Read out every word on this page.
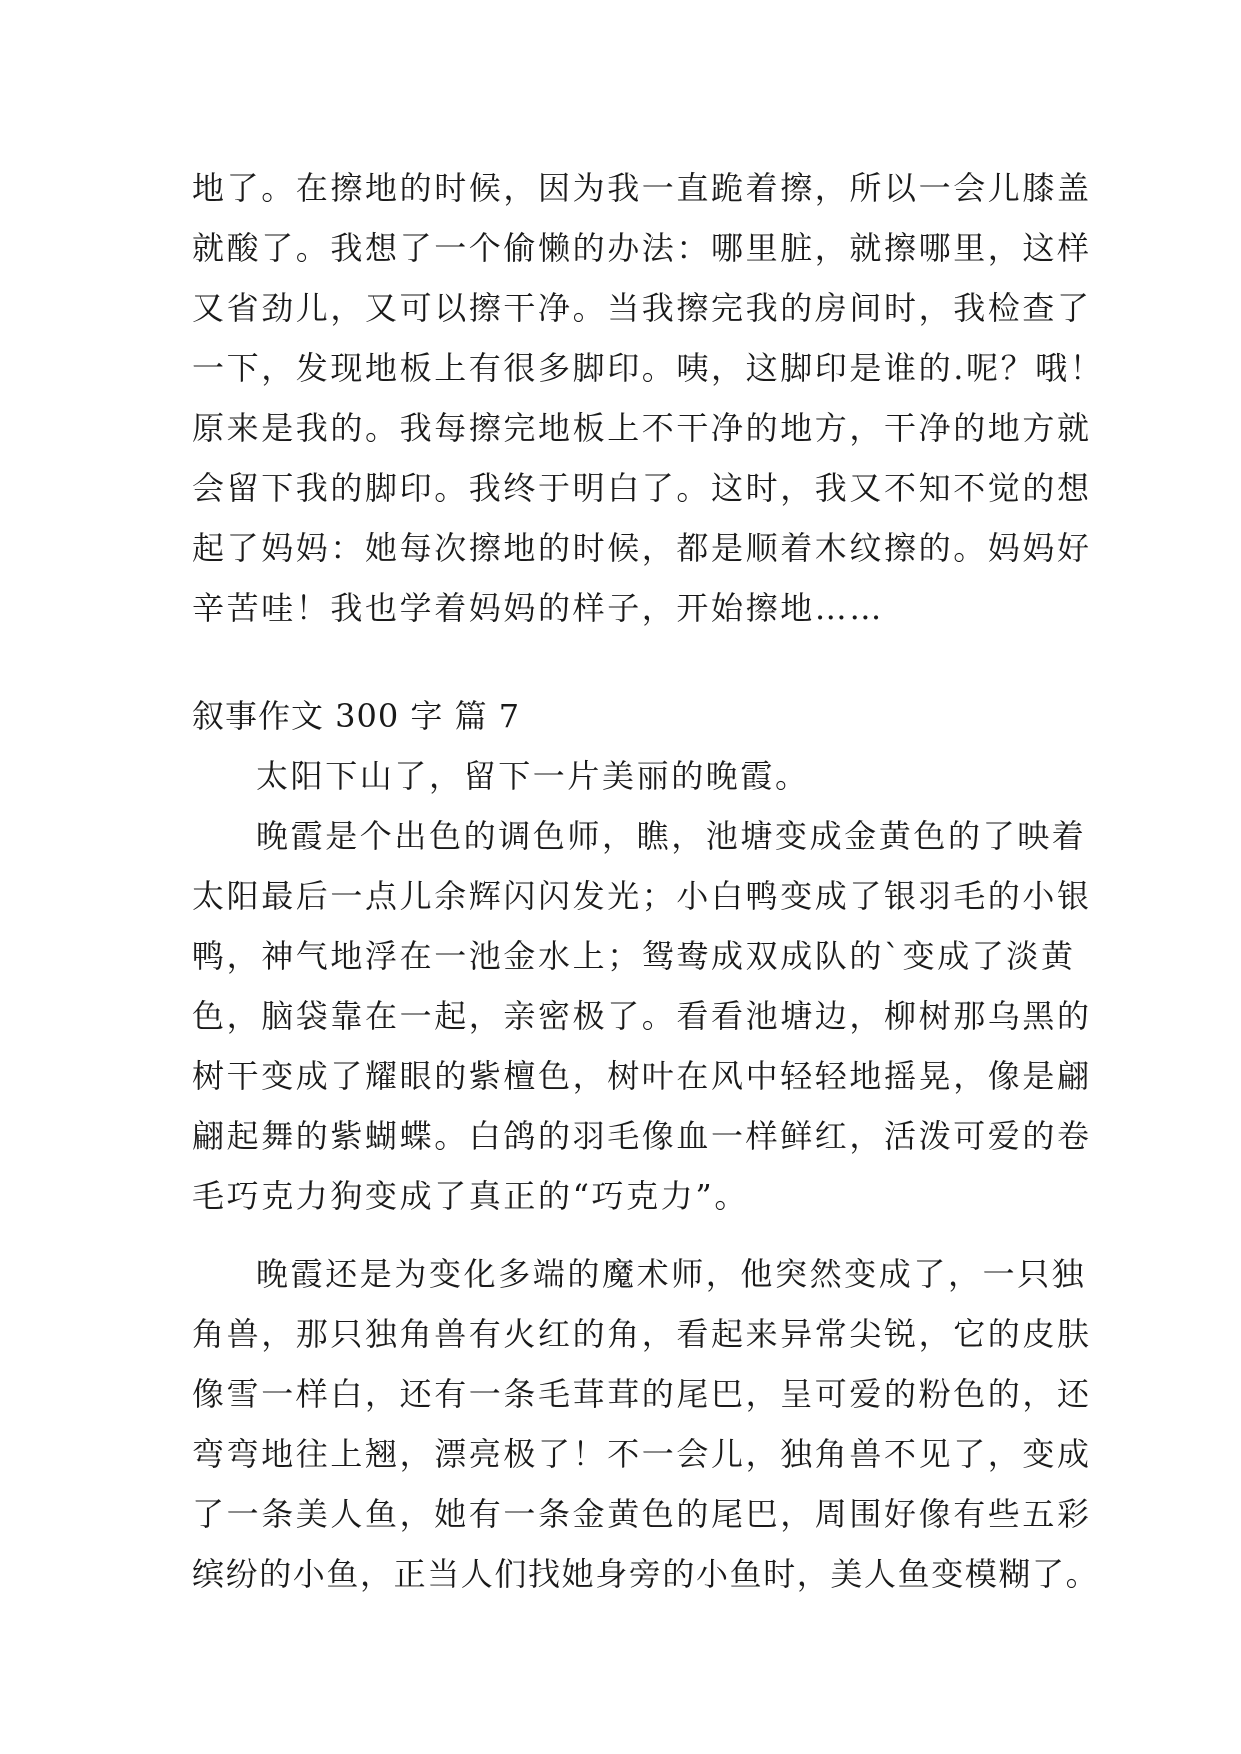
地了。在擦地的时候，因为我一直跪着擦，所以一会儿膝盖
就酸了。我想了一个偷懒的办法：哪里脏，就擦哪里，这样
又省劲儿，又可以擦干净。当我擦完我的房间时，我检查了
一下，发现地板上有很多脚印。咦，这脚印是谁的.呢？哦！
原来是我的。我每擦完地板上不干净的地方，干净的地方就
会留下我的脚印。我终于明白了。这时，我又不知不觉的想
起了妈妈：她每次擦地的时候，都是顺着木纹擦的。妈妈好
辛苦哇！我也学着妈妈的样子，开始擦地……
叙事作文 300 字 篇 7
太阳下山了，留下一片美丽的晚霞。
晚霞是个出色的调色师，瞧，池塘变成金黄色的了映着
太阳最后一点儿余辉闪闪发光；小白鸭变成了银羽毛的小银
鸭，神气地浮在一池金水上；鸳鸯成双成队的`变成了淡黄
色，脑袋靠在一起，亲密极了。看看池塘边，柳树那乌黑的
树干变成了耀眼的紫檀色，树叶在风中轻轻地摇晃，像是翩
翩起舞的紫蝴蝶。白鸽的羽毛像血一样鲜红，活泼可爱的卷
毛巧克力狗变成了真正的“巧克力”。
晚霞还是为变化多端的魔术师，他突然变成了，一只独
角兽，那只独角兽有火红的角，看起来异常尖锐，它的皮肤
像雪一样白，还有一条毛茸茸的尾巴，呈可爱的粉色的，还
弯弯地往上翘，漂亮极了！不一会儿，独角兽不见了，变成
了一条美人鱼，她有一条金黄色的尾巴，周围好像有些五彩
缤纷的小鱼，正当人们找她身旁的小鱼时，美人鱼变模糊了。
